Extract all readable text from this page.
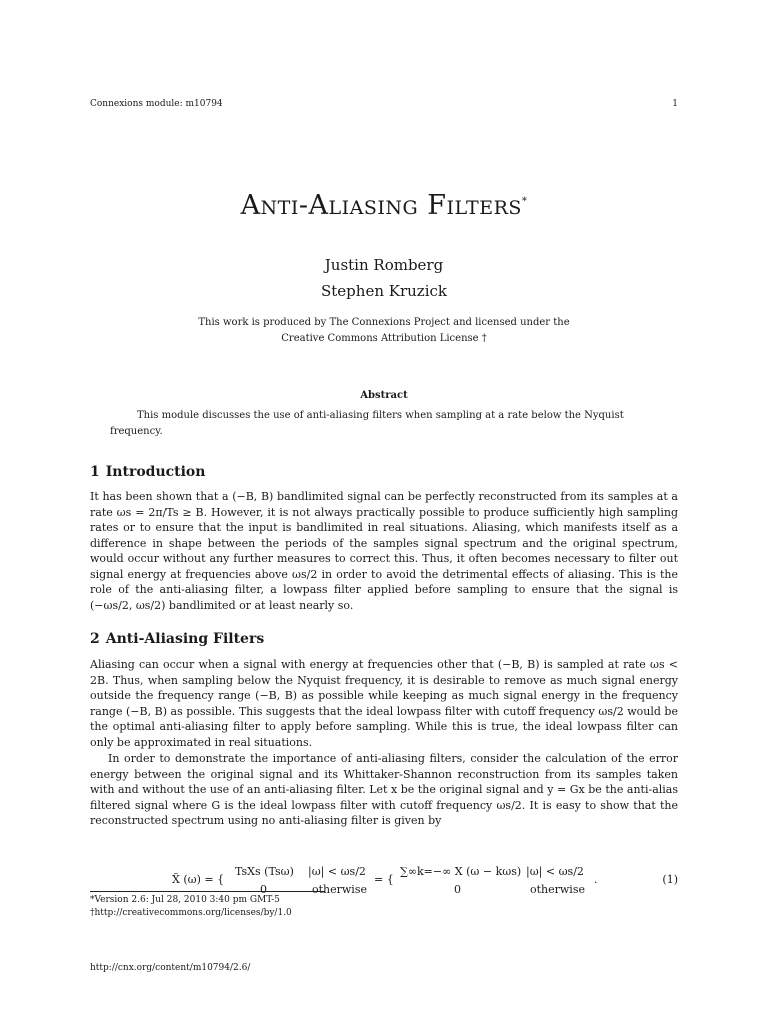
Connexions module: m10794	1
Anti-Aliasing Filters*
Justin Romberg
Stephen Kruzick
This work is produced by The Connexions Project and licensed under the
Creative Commons Attribution License †
Abstract
This module discusses the use of anti-aliasing filters when sampling at a rate below the Nyquist frequency.
1 Introduction

It has been shown that a (−B, B) bandlimited signal can be perfectly reconstructed from its samples at a rate ωs = 2π/Ts ≥ B. However, it is not always practically possible to produce sufficiently high sampling rates or to ensure that the input is bandlimited in real situations. Aliasing, which manifests itself as a difference in shape between the periods of the samples signal spectrum and the original spectrum, would occur without any further measures to correct this. Thus, it often becomes necessary to filter out signal energy at frequencies above ωs/2 in order to avoid the detrimental effects of aliasing. This is the role of the anti-aliasing filter, a lowpass filter applied before sampling to ensure that the signal is (−ωs/2, ωs/2) bandlimited or at least nearly so.

2 Anti-Aliasing Filters

Aliasing can occur when a signal with energy at frequencies other that (−B, B) is sampled at rate ωs < 2B. Thus, when sampling below the Nyquist frequency, it is desirable to remove as much signal energy outside the frequency range (−B, B) as possible while keeping as much signal energy in the frequency range (−B, B) as possible. This suggests that the ideal lowpass filter with cutoff frequency ωs/2 would be the optimal anti-aliasing filter to apply before sampling. While this is true, the ideal lowpass filter can only be approximated in real situations.

In order to demonstrate the importance of anti-aliasing filters, consider the calculation of the error energy between the original signal and its Whittaker-Shannon reconstruction from its samples taken with and without the use of an anti-aliasing filter. Let x be the original signal and y = Gx be the anti-alias filtered signal where G is the ideal lowpass filter with cutoff frequency ωs/2. It is easy to show that the reconstructed spectrum using no anti-aliasing filter is given by

X̃ (ω) = {
TsXs (Tsω) |ω| < ωs/2
0	otherwise
= {
∑∞k=−∞ X (ω − kωs) |ω| < ωs/2
0	otherwise
.	(1)
*Version 2.6: Jul 28, 2010 3:40 pm GMT-5
†http://creativecommons.org/licenses/by/1.0
http://cnx.org/content/m10794/2.6/
